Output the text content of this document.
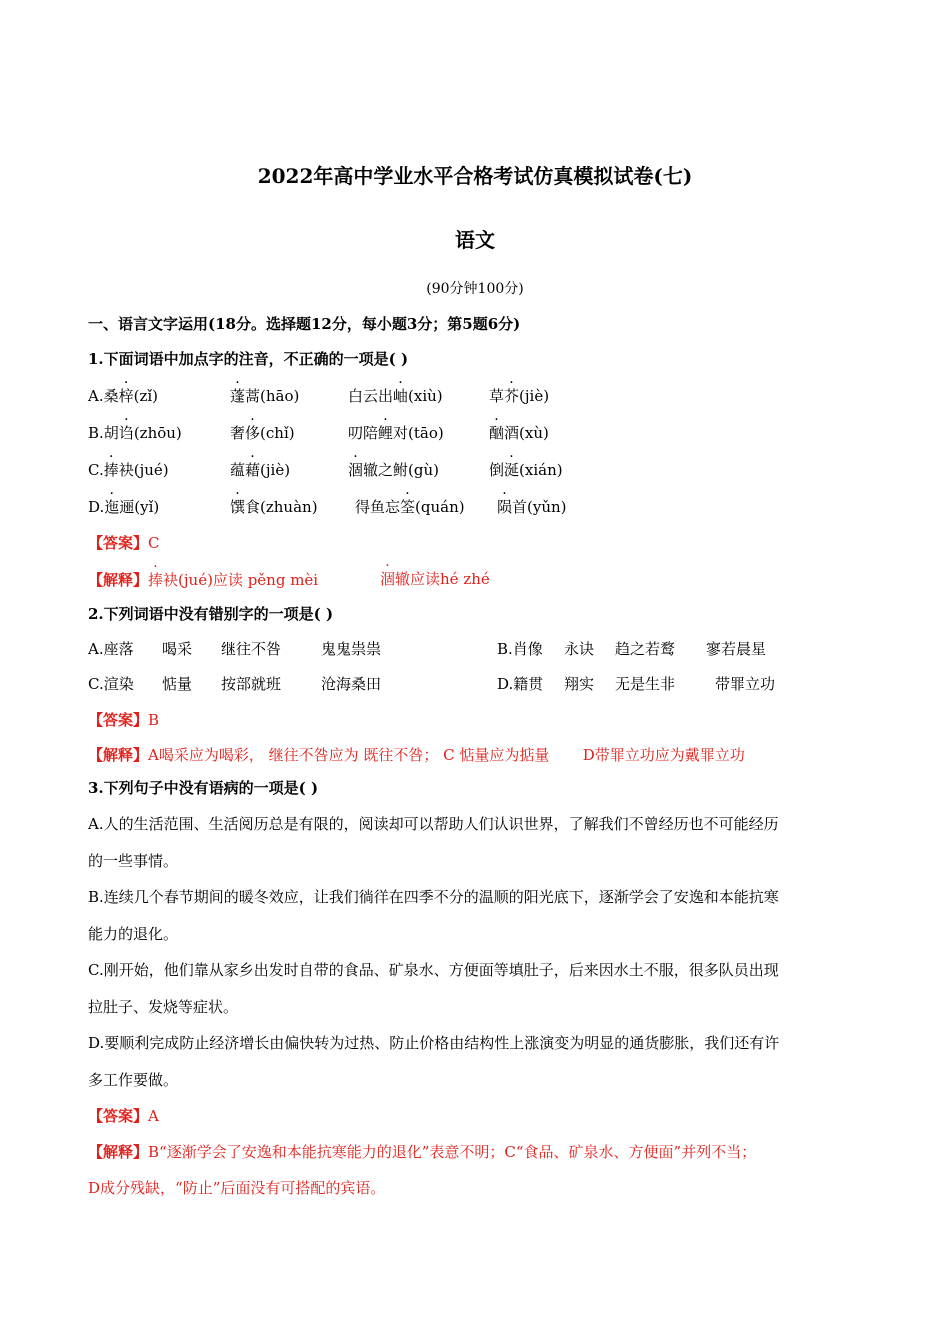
2022年高中学业水平合格考试仿真模拟试卷(七)
语文
(90分钟100分)
一、语言文字运用(18分。选择题12分，每小题3分；第5题6分)
1.下面词语中加点字的注音，不正确的一项是( )
A.桑梓(zǐ)	蓬蒿(hāo)	白云出岫(xiù)	草芥(jiè)
B.胡诌(zhōu)	奢侈(chǐ)	叨陪鲤对(tāo)	酗酒(xù)
C.捧袂(jué)	蕴藉(jiè)	涸辙之鲋(gù)	倒涎(xián)
D.迤逦(yǐ)	馔食(zhuàn) 得鱼忘筌(quán) 陨首(yǔn)
【答案】C
【解释】捧袂(jué)应读 pěng mèi	涸辙应读hé zhé
2.下列词语中没有错别字的一项是( )
A.座落 喝采 继往不咎	鬼鬼祟祟	B.肖像 永诀 趋之若鹜 寥若晨星
C.渲染 惦量 按部就班	沧海桑田	D.籍贯 翔实 无是生非	带罪立功
【答案】B
【解释】A喝采应为喝彩， 继往不咎应为 既往不咎； C 惦量应为掂量       D带罪立功应为戴罪立功
3.下列句子中没有语病的一项是( )
A.人的生活范围、生活阅历总是有限的，阅读却可以帮助人们认识世界，了解我们不曾经历也不可能经历
的一些事情。
B.连续几个春节期间的暖冬效应，让我们徜徉在四季不分的温顺的阳光底下，逐渐学会了安逸和本能抗寒
能力的退化。
C.刚开始，他们靠从家乡出发时自带的食品、矿泉水、方便面等填肚子，后来因水土不服，很多队员出现
拉肚子、发烧等症状。
D.要顺利完成防止经济增长由偏快转为过热、防止价格由结构性上涨演变为明显的通货膨胀，我们还有许
多工作要做。
【答案】A
【解释】B“逐渐学会了安逸和本能抗寒能力的退化”表意不明；C“食品、矿泉水、方便面”并列不当；
D成分残缺，“防止”后面没有可搭配的宾语。
